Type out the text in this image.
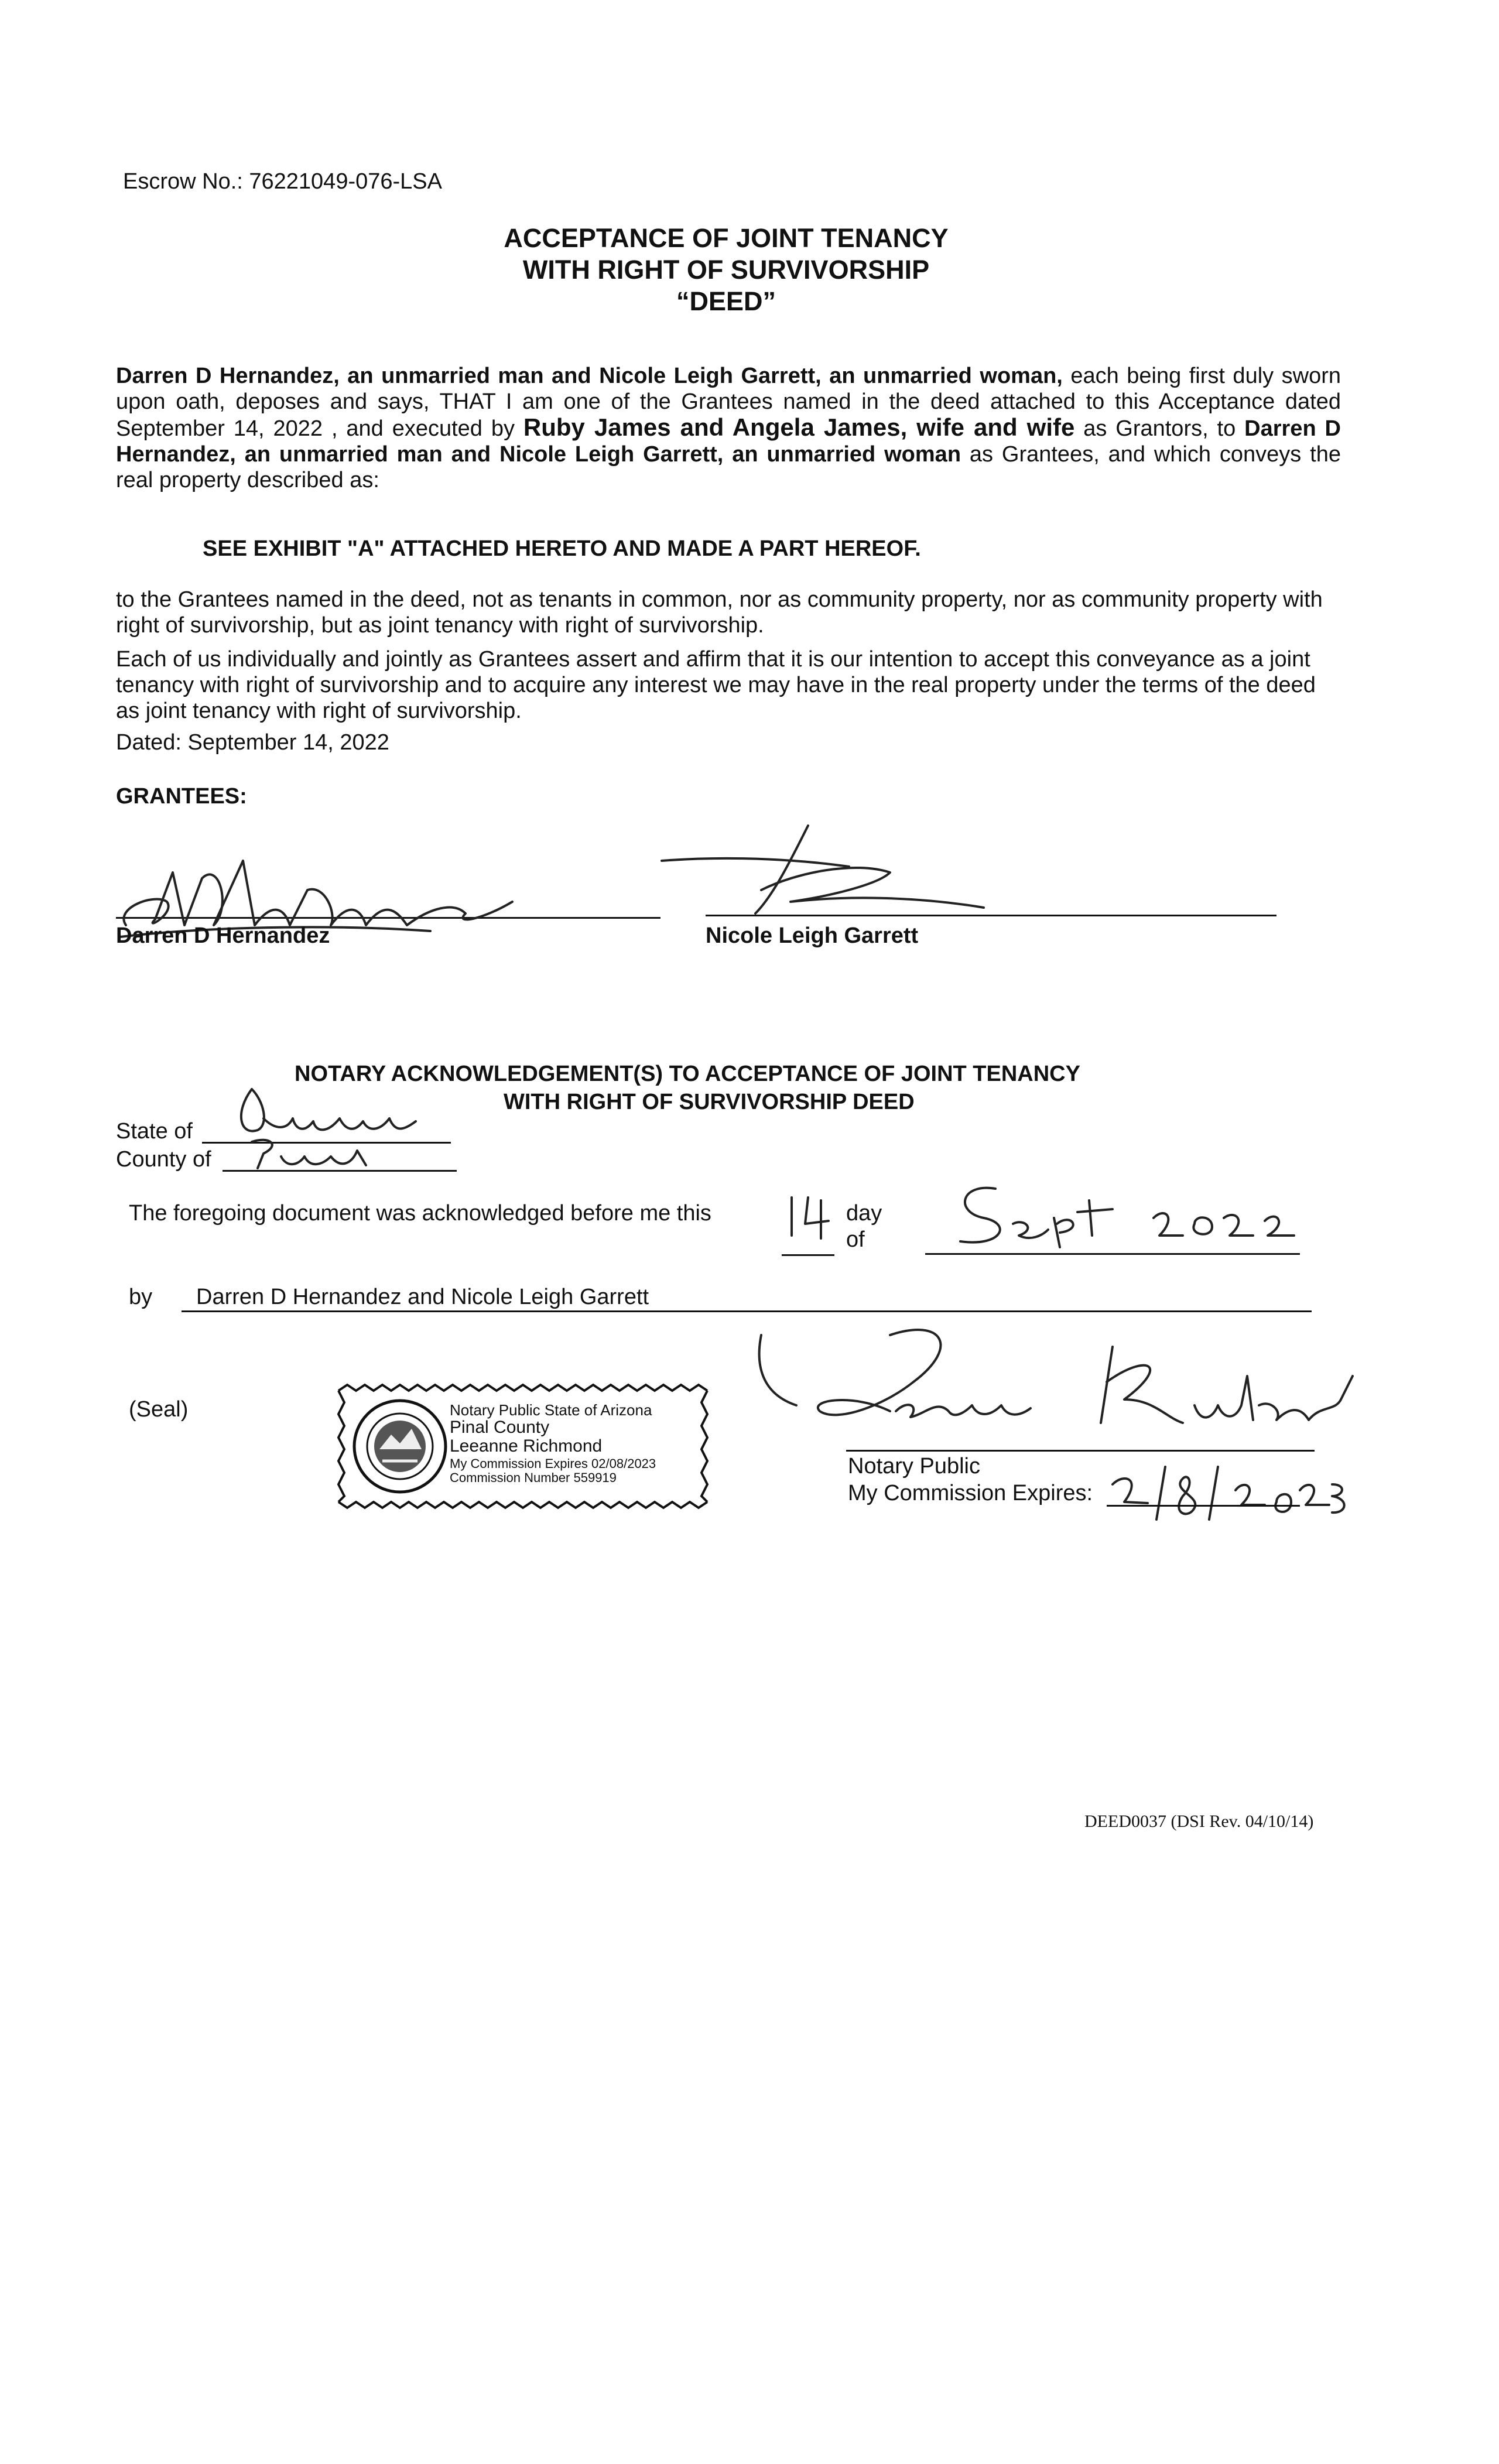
Escrow No.: 76221049-076-LSA
ACCEPTANCE OF JOINT TENANCY
WITH RIGHT OF SURVIVORSHIP
“DEED”
Darren D Hernandez, an unmarried man and Nicole Leigh Garrett, an unmarried woman, each being first duly sworn upon oath, deposes and says, THAT I am one of the Grantees named in the deed attached to this Acceptance dated September 14, 2022 , and executed by Ruby James and Angela James, wife and wife as Grantors, to Darren D Hernandez, an unmarried man and Nicole Leigh Garrett, an unmarried woman as Grantees, and which conveys the real property described as:
SEE EXHIBIT "A" ATTACHED HERETO AND MADE A PART HEREOF.
to the Grantees named in the deed, not as tenants in common, nor as community property, nor as community property with right of survivorship, but as joint tenancy with right of survivorship.
Each of us individually and jointly as Grantees assert and affirm that it is our intention to accept this conveyance as a joint tenancy with right of survivorship and to acquire any interest we may have in the real property under the terms of the deed as joint tenancy with right of survivorship.
Dated: September 14, 2022
GRANTEES:
Darren D Hernandez	Nicole Leigh Garrett
NOTARY ACKNOWLEDGEMENT(S) TO ACCEPTANCE OF JOINT TENANCY
WITH RIGHT OF SURVIVORSHIP DEED
State of
County of
The foregoing document was acknowledged before me this	day
of
by Darren D Hernandez and Nicole Leigh Garrett
(Seal)	Notary Public State of Arizona
Pinal County
Leeanne Richmond
My Commission Expires 02/08/2023
Commission Number 559919	Notary Public
My Commission Expires:
DEED0037 (DSI Rev. 04/10/14)
